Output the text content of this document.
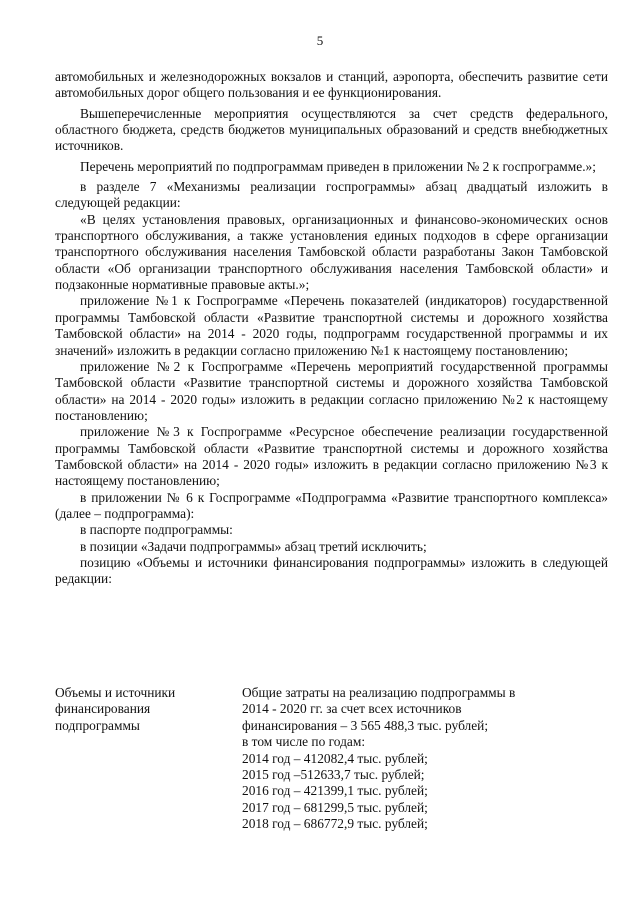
5

автомобильных и железнодорожных вокзалов и станций, аэропорта, обеспечить развитие сети автомобильных дорог общего пользования и ее функционирования.

Вышеперечисленные мероприятия осуществляются за счет средств федерального, областного бюджета, средств бюджетов муниципальных образований и средств внебюджетных источников.

Перечень мероприятий по подпрограммам приведен в приложении № 2 к госпрограмме.»;

в разделе 7 «Механизмы реализации госпрограммы» абзац двадцатый изложить в следующей редакции:

«В целях установления правовых, организационных и финансово-экономических основ транспортного обслуживания, а также установления единых подходов в сфере организации транспортного обслуживания населения Тамбовской области разработаны Закон Тамбовской области «Об организации транспортного обслуживания населения Тамбовской области» и подзаконные нормативные правовые акты.»;

приложение №1 к Госпрограмме «Перечень показателей (индикаторов) государственной программы Тамбовской области «Развитие транспортной системы и дорожного хозяйства Тамбовской области» на 2014 - 2020 годы, подпрограмм государственной программы и их значений» изложить в редакции согласно приложению №1 к настоящему постановлению;

приложение №2 к Госпрограмме «Перечень мероприятий государственной программы Тамбовской области «Развитие транспортной системы и дорожного хозяйства Тамбовской области» на 2014 - 2020 годы» изложить в редакции согласно приложению №2 к настоящему постановлению;

приложение №3 к Госпрограмме «Ресурсное обеспечение реализации государственной программы Тамбовской области «Развитие транспортной системы и дорожного хозяйства Тамбовской области» на 2014 - 2020 годы» изложить в редакции согласно приложению №3 к настоящему постановлению;

в приложении № 6 к Госпрограмме «Подпрограмма «Развитие транспортного комплекса» (далее – подпрограмма):

в паспорте подпрограммы:

в позиции «Задачи подпрограммы» абзац третий исключить;

позицию «Объемы и источники финансирования подпрограммы» изложить в следующей редакции:

Объемы и источники
финансирования
подпрограммы
Общие затраты на реализацию подпрограммы в
2014 - 2020 гг. за счет всех источников
финансирования – 3 565 488,3 тыс. рублей;
в том числе по годам:
2014 год – 412082,4 тыс. рублей;
2015 год –512633,7 тыс. рублей;
2016 год – 421399,1 тыс. рублей;
2017 год – 681299,5 тыс. рублей;
2018 год – 686772,9 тыс. рублей;
